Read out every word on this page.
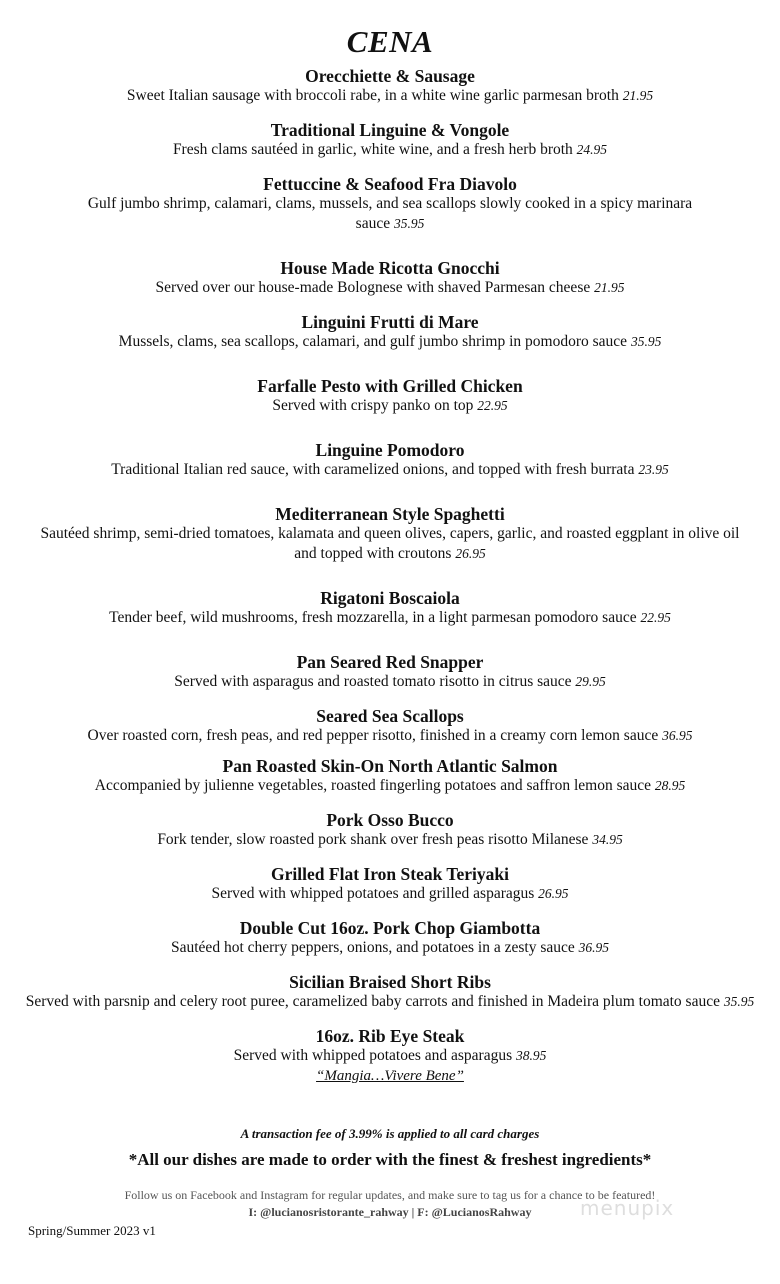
CENA
Orecchiette & Sausage
Sweet Italian sausage with broccoli rabe, in a white wine garlic parmesan broth 21.95
Traditional Linguine & Vongole
Fresh clams sautéed in garlic, white wine, and a fresh herb broth 24.95
Fettuccine & Seafood Fra Diavolo
Gulf jumbo shrimp, calamari, clams, mussels, and sea scallops slowly cooked in a spicy marinara sauce 35.95
House Made Ricotta Gnocchi
Served over our house-made Bolognese with shaved Parmesan cheese 21.95
Linguini Frutti di Mare
Mussels, clams, sea scallops, calamari, and gulf jumbo shrimp in pomodoro sauce 35.95
Farfalle Pesto with Grilled Chicken
Served with crispy panko on top 22.95
Linguine Pomodoro
Traditional Italian red sauce, with caramelized onions, and topped with fresh burrata 23.95
Mediterranean Style Spaghetti
Sautéed shrimp, semi-dried tomatoes, kalamata and queen olives, capers, garlic, and roasted eggplant in olive oil and topped with croutons 26.95
Rigatoni Boscaiola
Tender beef, wild mushrooms, fresh mozzarella, in a light parmesan pomodoro sauce 22.95
Pan Seared Red Snapper
Served with asparagus and roasted tomato risotto in citrus sauce 29.95
Seared Sea Scallops
Over roasted corn, fresh peas, and red pepper risotto, finished in a creamy corn lemon sauce 36.95
Pan Roasted Skin-On North Atlantic Salmon
Accompanied by julienne vegetables, roasted fingerling potatoes and saffron lemon sauce 28.95
Pork Osso Bucco
Fork tender, slow roasted pork shank over fresh peas risotto Milanese 34.95
Grilled Flat Iron Steak Teriyaki
Served with whipped potatoes and grilled asparagus 26.95
Double Cut 16oz. Pork Chop Giambotta
Sautéed hot cherry peppers, onions, and potatoes in a zesty sauce 36.95
Sicilian Braised Short Ribs
Served with parsnip and celery root puree, caramelized baby carrots and finished in Madeira plum tomato sauce 35.95
16oz. Rib Eye Steak
Served with whipped potatoes and asparagus 38.95
“Mangia…Vivere Bene”
A transaction fee of 3.99% is applied to all card charges
*All our dishes are made to order with the finest & freshest ingredients*
Follow us on Facebook and Instagram for regular updates, and make sure to tag us for a chance to be featured!
I: @lucianosristorante_rahway | F: @LucianosRahway
Spring/Summer 2023 v1
menupix
